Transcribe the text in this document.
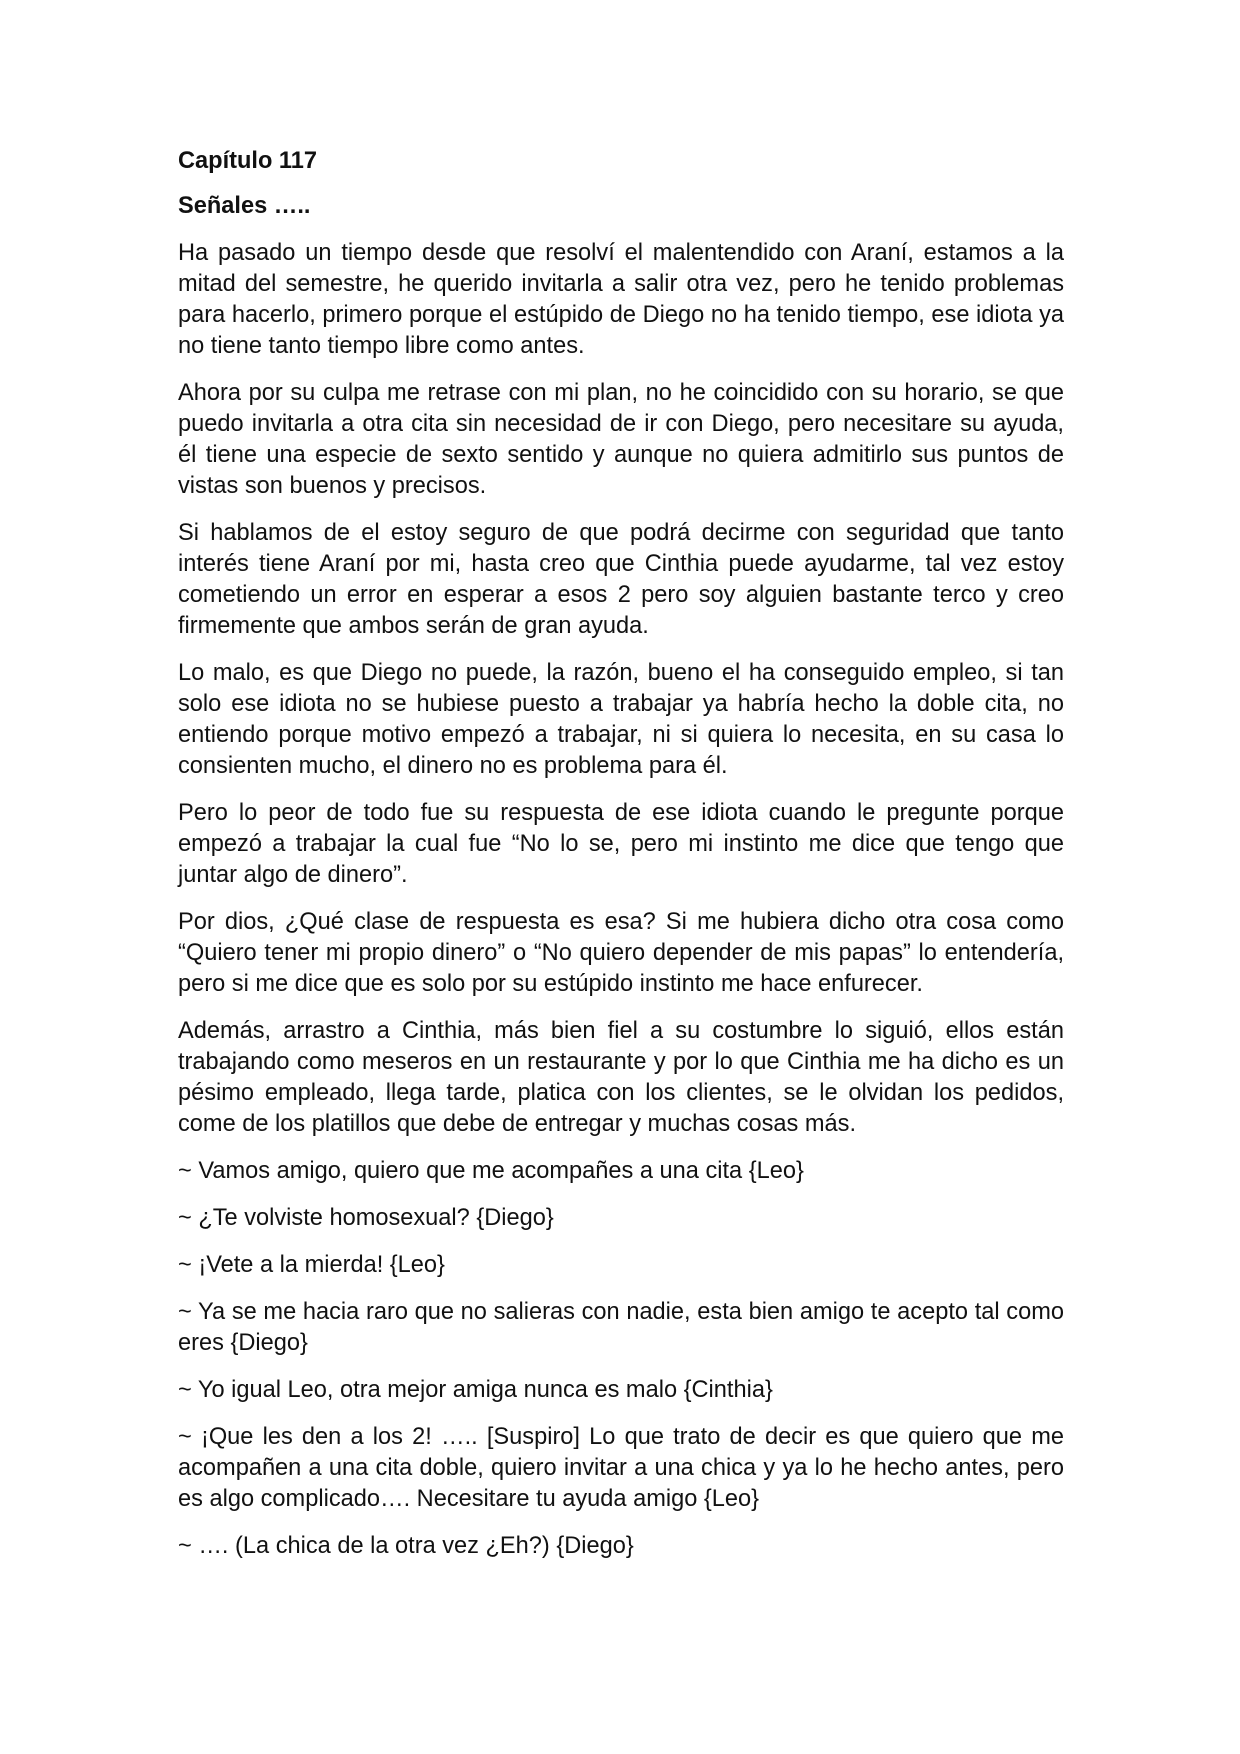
Capítulo 117

Señales …..

Ha pasado un tiempo desde que resolví el malentendido con Araní, estamos a la mitad del semestre, he querido invitarla a salir otra vez, pero he tenido problemas para hacerlo, primero porque el estúpido de Diego no ha tenido tiempo, ese idiota ya no tiene tanto tiempo libre como antes.

Ahora por su culpa me retrase con mi plan, no he coincidido con su horario, se que puedo invitarla a otra cita sin necesidad de ir con Diego, pero necesitare su ayuda, él tiene una especie de sexto sentido y aunque no quiera admitirlo sus puntos de vistas son buenos y precisos.

Si hablamos de el estoy seguro de que podrá decirme con seguridad que tanto interés tiene Araní por mi, hasta creo que Cinthia puede ayudarme, tal vez estoy cometiendo un error en esperar a esos 2 pero soy alguien bastante terco y creo firmemente que ambos serán de gran ayuda.

Lo malo, es que Diego no puede, la razón, bueno el ha conseguido empleo, si tan solo ese idiota no se hubiese puesto a trabajar ya habría hecho la doble cita, no entiendo porque motivo empezó a trabajar, ni si quiera lo necesita, en su casa lo consienten mucho, el dinero no es problema para él.

Pero lo peor de todo fue su respuesta de ese idiota cuando le pregunte porque empezó a trabajar la cual fue “No lo se, pero mi instinto me dice que tengo que juntar algo de dinero”.

Por dios, ¿Qué clase de respuesta es esa? Si me hubiera dicho otra cosa como “Quiero tener mi propio dinero” o “No quiero depender de mis papas” lo entendería, pero si me dice que es solo por su estúpido instinto me hace enfurecer.

Además, arrastro a Cinthia, más bien fiel a su costumbre lo siguió, ellos están trabajando como meseros en un restaurante y por lo que Cinthia me ha dicho es un pésimo empleado, llega tarde, platica con los clientes, se le olvidan los pedidos, come de los platillos que debe de entregar y muchas cosas más.

~ Vamos amigo, quiero que me acompañes a una cita {Leo}

~ ¿Te volviste homosexual? {Diego}

~ ¡Vete a la mierda! {Leo}

~ Ya se me hacia raro que no salieras con nadie, esta bien amigo te acepto tal como eres {Diego}

~ Yo igual Leo, otra mejor amiga nunca es malo {Cinthia}

~ ¡Que les den a los 2! ….. [Suspiro] Lo que trato de decir es que quiero que me acompañen a una cita doble, quiero invitar a una chica y ya lo he hecho antes, pero es algo complicado…. Necesitare tu ayuda amigo {Leo}

~ …. (La chica de la otra vez ¿Eh?) {Diego}
